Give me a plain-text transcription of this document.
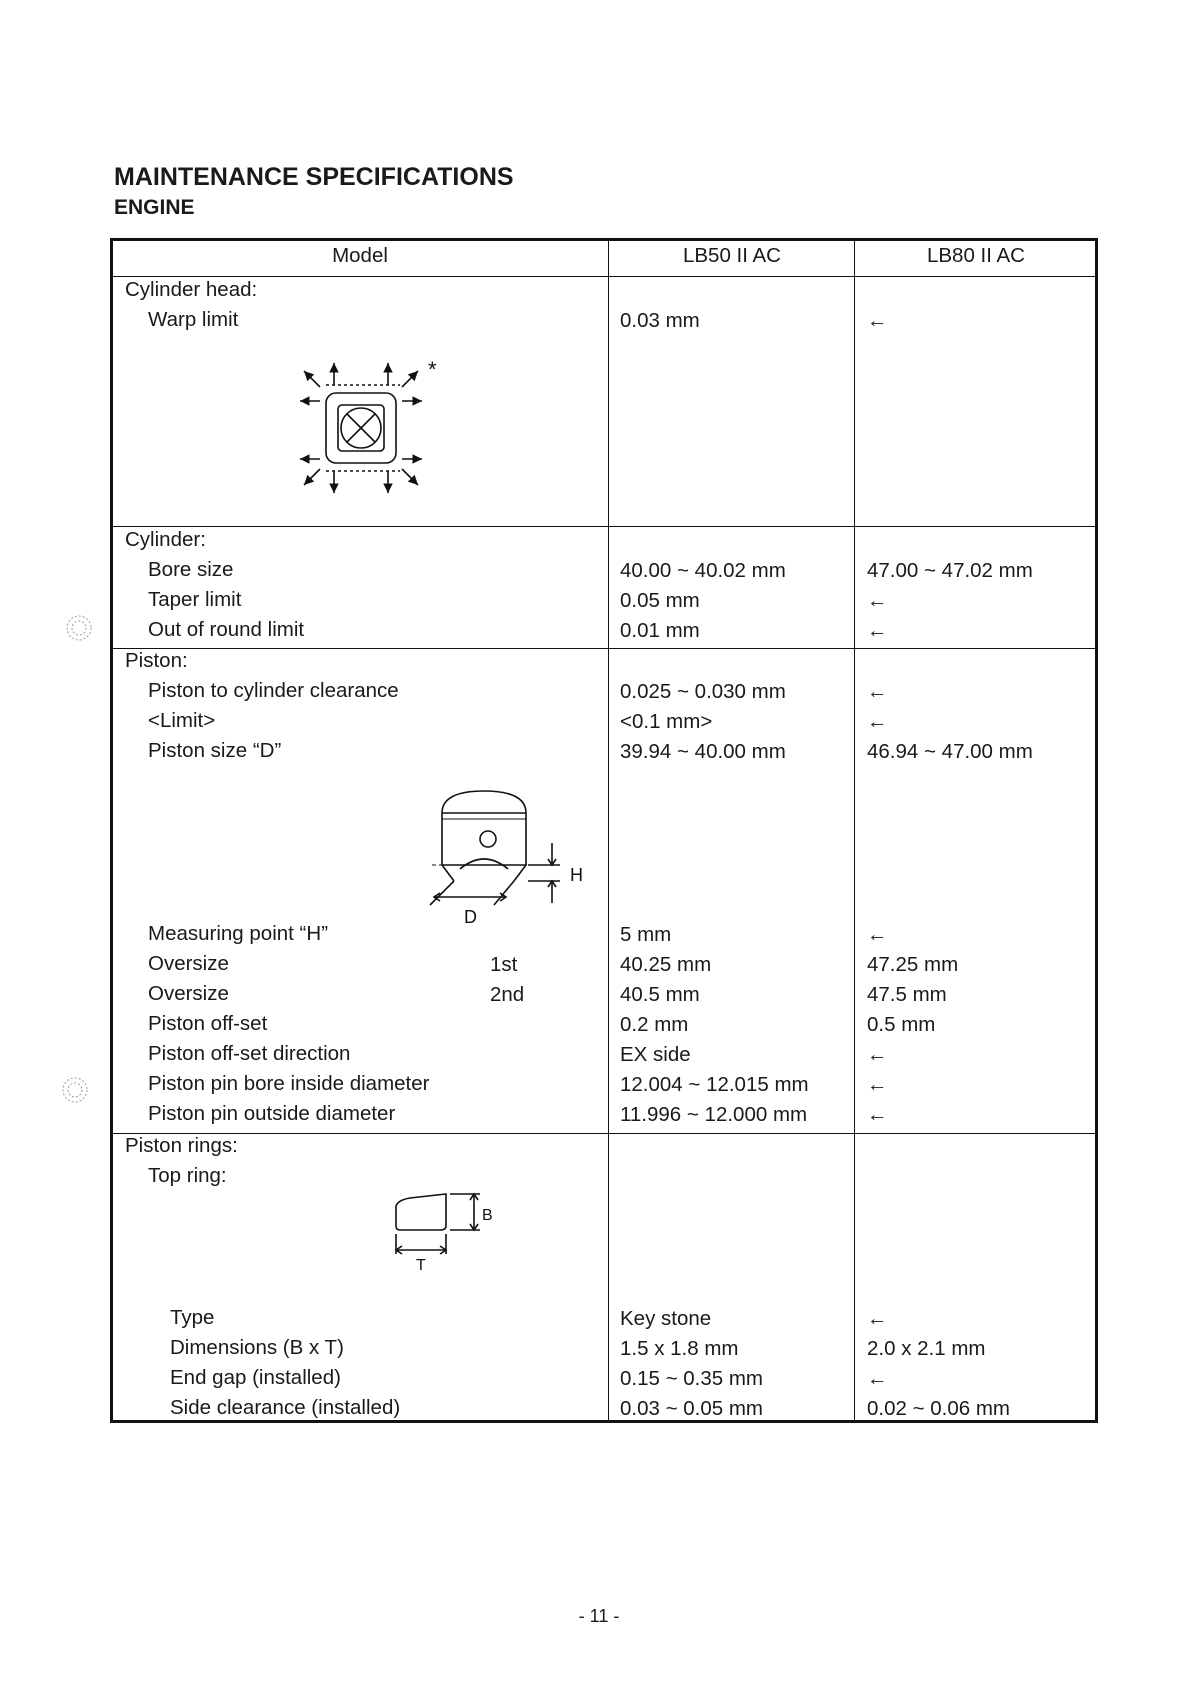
MAINTENANCE SPECIFICATIONS
ENGINE
Model	LB50 II AC	LB80 II AC
Cylinder head:
Warp limit	0.03 mm	←
Cylinder:
Bore size	40.00 ~ 40.02 mm	47.00 ~ 47.02 mm
Taper limit	0.05 mm	←
Out of round limit	0.01 mm	←
Piston:
Piston to cylinder clearance	0.025 ~ 0.030 mm	←
<Limit>	<0.1 mm>	←
Piston size “D”	39.94 ~ 40.00 mm	46.94 ~ 47.00 mm
Measuring point “H”	5 mm	←
Oversize	1st	40.25 mm	47.25 mm
Oversize	2nd	40.5 mm	47.5 mm
Piston off-set	0.2 mm	0.5 mm
Piston off-set direction	EX side	←
Piston pin bore inside diameter	12.004 ~ 12.015 mm	←
Piston pin outside diameter	11.996 ~ 12.000 mm	←
Piston rings:
Top ring:
Type	Key stone	←
Dimensions (B x T)	1.5 x 1.8 mm	2.0 x 2.1 mm
End gap (installed)	0.15 ~ 0.35 mm	←
Side clearance (installed)	0.03 ~ 0.05 mm	0.02 ~ 0.06 mm
*
H
D
B
T
- 11 -
